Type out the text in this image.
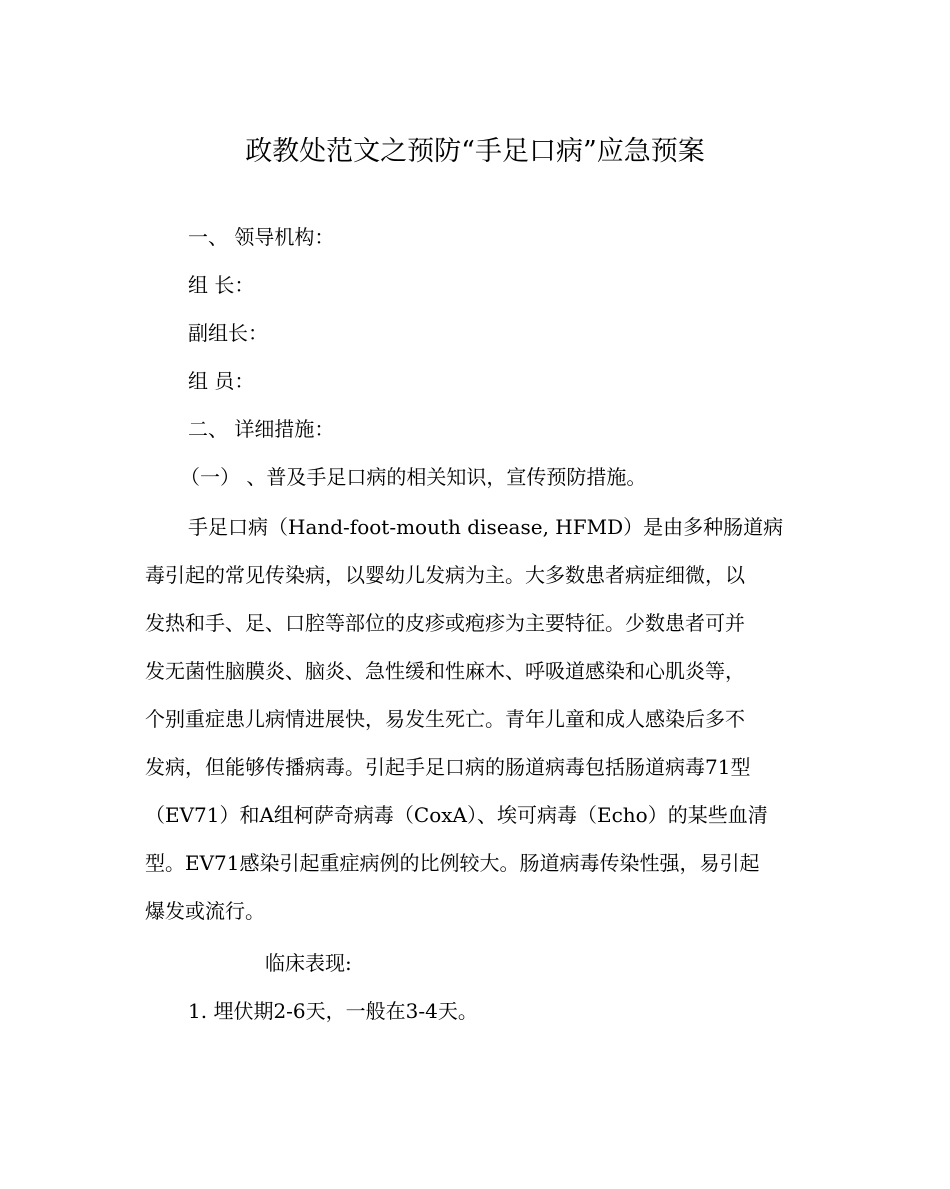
政教处范文之预防“手足口病”应急预案
一、 领导机构：
组 长：
副组长：
组 员：
二、 详细措施：
（一） 、普及手足口病的相关知识，宣传预防措施。
手足口病（Hand-foot-mouth disease, HFMD）是由多种肠道病
毒引起的常见传染病，以婴幼儿发病为主。大多数患者病症细微，以
发热和手、足、口腔等部位的皮疹或疱疹为主要特征。少数患者可并
发无菌性脑膜炎、脑炎、急性缓和性麻木、呼吸道感染和心肌炎等，
个别重症患儿病情进展快，易发生死亡。青年儿童和成人感染后多不
发病，但能够传播病毒。引起手足口病的肠道病毒包括肠道病毒71型
（EV71）和A组柯萨奇病毒（CoxA）、埃可病毒（Echo）的某些血清
型。EV71感染引起重症病例的比例较大。肠道病毒传染性强，易引起
爆发或流行。
临床表现:
1. 埋伏期2-6天，一般在3-4天。
